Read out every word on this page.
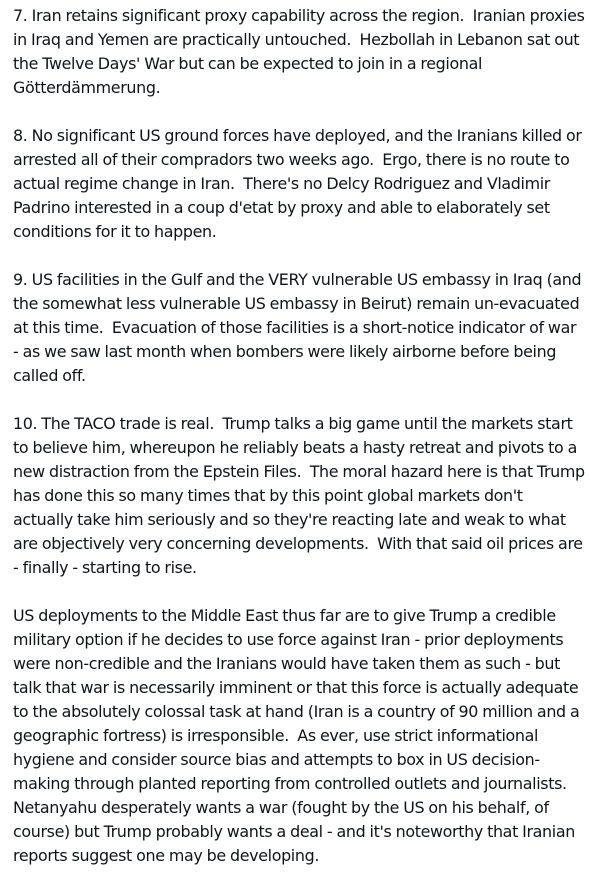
7. Iran retains significant proxy capability across the region.  Iranian proxies in Iraq and Yemen are practically untouched.  Hezbollah in Lebanon sat out the Twelve Days' War but can be expected to join in a regional Götterdämmerung.

8. No significant US ground forces have deployed, and the Iranians killed or arrested all of their compradors two weeks ago.  Ergo, there is no route to actual regime change in Iran.  There's no Delcy Rodriguez and Vladimir Padrino interested in a coup d'etat by proxy and able to elaborately set conditions for it to happen.

9. US facilities in the Gulf and the VERY vulnerable US embassy in Iraq (and the somewhat less vulnerable US embassy in Beirut) remain un-evacuated at this time.  Evacuation of those facilities is a short-notice indicator of war - as we saw last month when bombers were likely airborne before being called off.

10. The TACO trade is real.  Trump talks a big game until the markets start to believe him, whereupon he reliably beats a hasty retreat and pivots to a new distraction from the Epstein Files.  The moral hazard here is that Trump has done this so many times that by this point global markets don't actually take him seriously and so they're reacting late and weak to what are objectively very concerning developments.  With that said oil prices are - finally - starting to rise.

US deployments to the Middle East thus far are to give Trump a credible military option if he decides to use force against Iran - prior deployments were non-credible and the Iranians would have taken them as such - but talk that war is necessarily imminent or that this force is actually adequate to the absolutely colossal task at hand (Iran is a country of 90 million and a geographic fortress) is irresponsible.  As ever, use strict informational hygiene and consider source bias and attempts to box in US decision-making through planted reporting from controlled outlets and journalists.  Netanyahu desperately wants a war (fought by the US on his behalf, of course) but Trump probably wants a deal - and it's noteworthy that Iranian reports suggest one may be developing.
